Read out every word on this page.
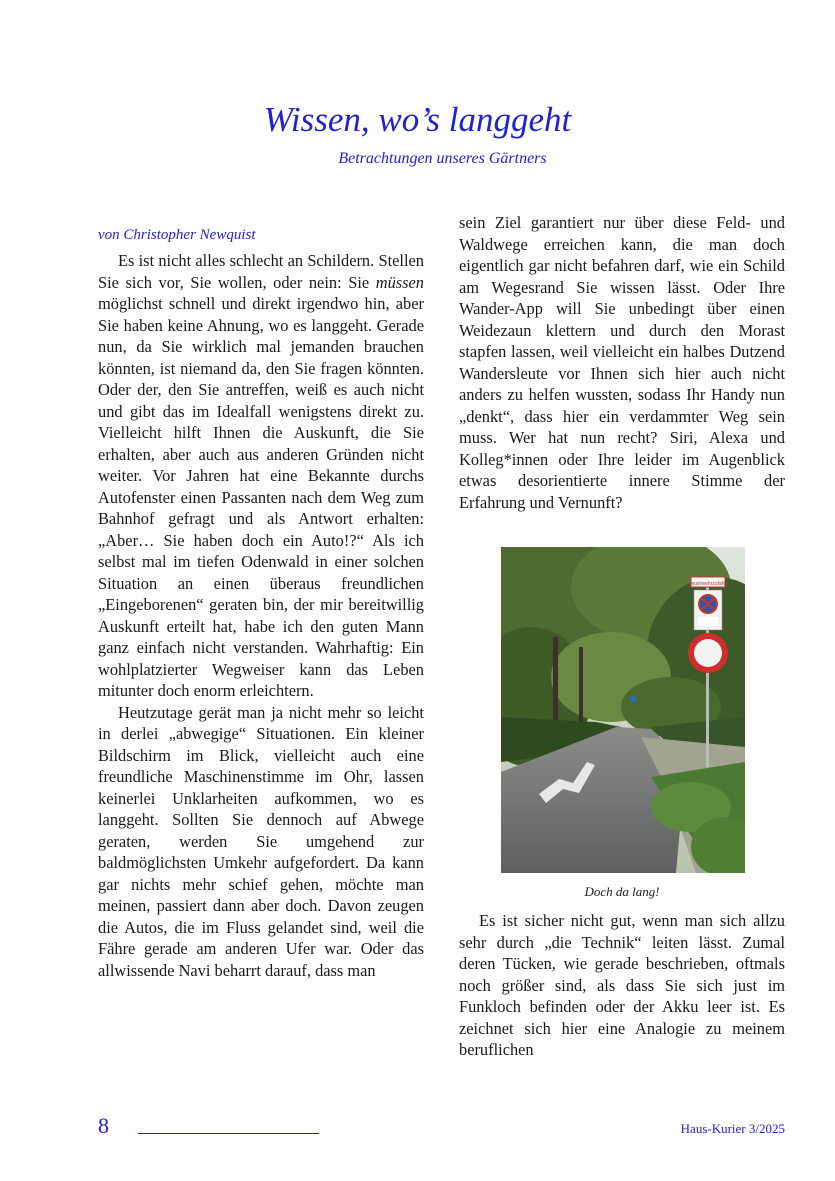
Wissen, wo’s langgeht
Betrachtungen unseres Gärtners
von Christopher Newquist

Es ist nicht alles schlecht an Schildern. Stellen Sie sich vor, Sie wollen, oder nein: Sie müssen möglichst schnell und direkt irgendwo hin, aber Sie haben keine Ahnung, wo es langgeht. Gerade nun, da Sie wirklich mal jemanden brauchen könnten, ist niemand da, den Sie fragen könnten. Oder der, den Sie antreffen, weiß es auch nicht und gibt das im Idealfall wenigstens direkt zu. Vielleicht hilft Ihnen die Auskunft, die Sie erhalten, aber auch aus anderen Gründen nicht weiter. Vor Jahren hat eine Bekannte durchs Autofenster einen Passanten nach dem Weg zum Bahnhof gefragt und als Antwort erhalten: „Aber… Sie haben doch ein Auto!?“ Als ich selbst mal im tiefen Odenwald in einer solchen Situation an einen überaus freundlichen „Eingeborenen“ geraten bin, der mir bereitwillig Auskunft erteilt hat, habe ich den guten Mann ganz einfach nicht verstanden. Wahrhaftig: Ein wohlplatzierter Wegweiser kann das Leben mitunter doch enorm erleichtern.

Heutzutage gerät man ja nicht mehr so leicht in derlei „abwegige“ Situationen. Ein kleiner Bildschirm im Blick, vielleicht auch eine freundliche Maschinenstimme im Ohr, lassen keinerlei Unklarheiten aufkommen, wo es langgeht. Sollten Sie dennoch auf Abwege geraten, werden Sie umgehend zur baldmöglichsten Umkehr aufgefordert. Da kann gar nichts mehr schief gehen, möchte man meinen, passiert dann aber doch. Davon zeugen die Autos, die im Fluss gelandet sind, weil die Fähre gerade am anderen Ufer war. Oder das allwissende Navi beharrt darauf, dass man

sein Ziel garantiert nur über diese Feld- und Waldwege erreichen kann, die man doch eigentlich gar nicht befahren darf, wie ein Schild am Wegesrand Sie wissen lässt. Oder Ihre Wander-App will Sie unbedingt über einen Weidezaun klettern und durch den Morast stapfen lassen, weil vielleicht ein halbes Dutzend Wandersleute vor Ihnen sich hier auch nicht anders zu helfen wussten, sodass Ihr Handy nun „denkt“, dass hier ein verdammter Weg sein muss. Wer hat nun recht? Siri, Alexa und Kolleg*innen oder Ihre leider im Augenblick etwas desorientierte innere Stimme der Erfahrung und Vernunft?

Feuerwehrzufahrt
Doch da lang!

Es ist sicher nicht gut, wenn man sich allzu sehr durch „die Technik“ leiten lässt. Zumal deren Tücken, wie gerade beschrieben, oftmals noch größer sind, als dass Sie sich just im Funkloch befinden oder der Akku leer ist. Es zeichnet sich hier eine Analogie zu meinem beruflichen

8	Haus-Kurier 3/2025
